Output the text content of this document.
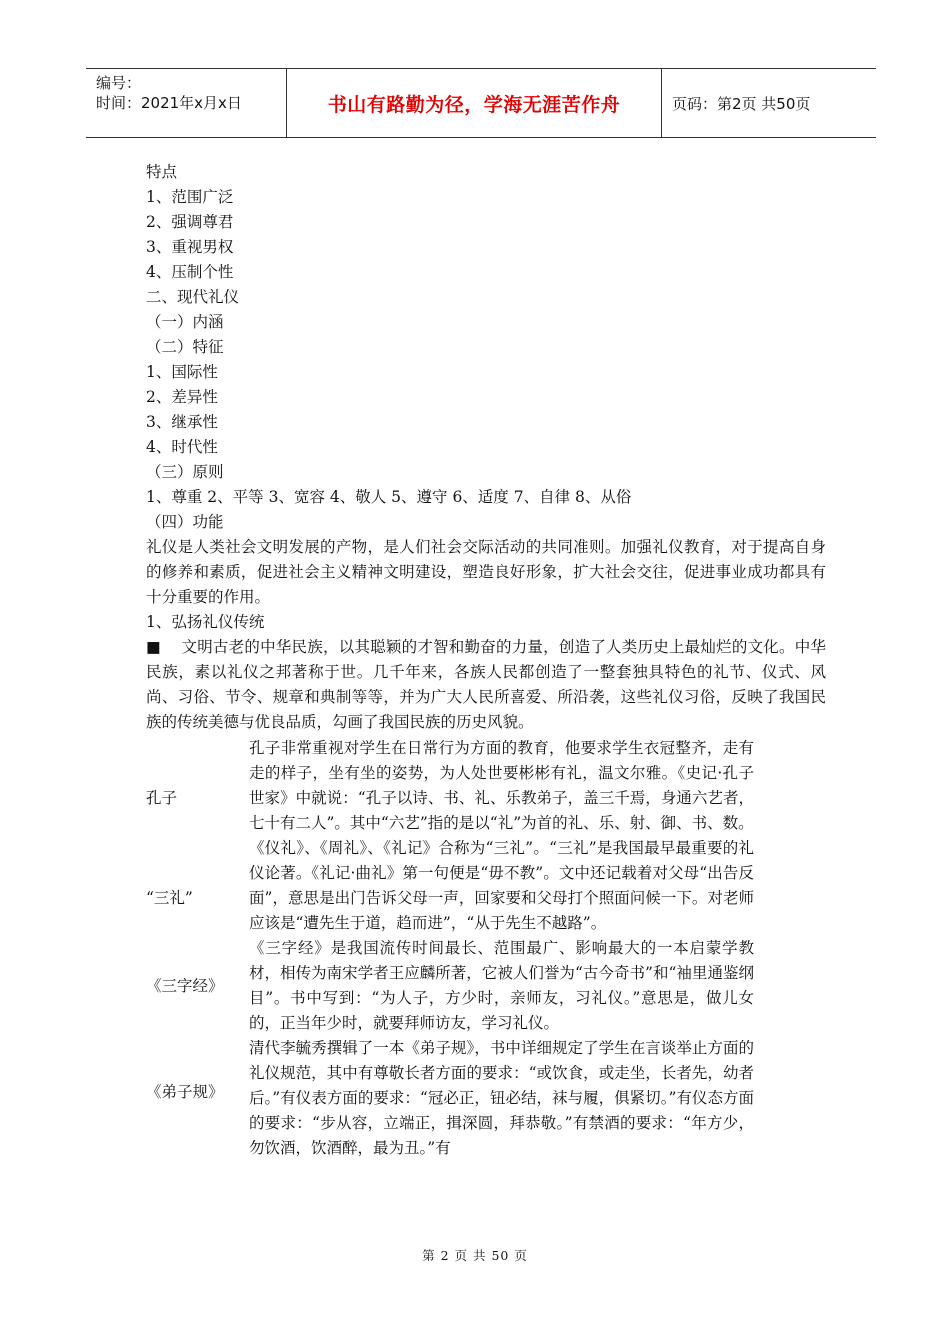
编号：
时间：2021年x月x日	书山有路勤为径，学海无涯苦作舟	页码：第2页 共50页
特点
1、范围广泛
2、强调尊君
3、重视男权
4、压制个性
二、现代礼仪
（一）内涵
（二）特征
1、国际性
2、差异性
3、继承性
4、时代性
（三）原则
1、尊重 2、平等 3、宽容 4、敬人 5、遵守 6、适度 7、自律 8、从俗
（四）功能
礼仪是人类社会文明发展的产物，是人们社会交际活动的共同准则。加强礼仪教育，对于提高自身的修养和素质，促进社会主义精神文明建设，塑造良好形象，扩大社会交往，促进事业成功都具有十分重要的作用。
1、弘扬礼仪传统
■ 文明古老的中华民族，以其聪颖的才智和勤奋的力量，创造了人类历史上最灿烂的文化。中华民族，素以礼仪之邦著称于世。几千年来，各族人民都创造了一整套独具特色的礼节、仪式、风尚、习俗、节令、规章和典制等等，并为广大人民所喜爱、所沿袭，这些礼仪习俗，反映了我国民族的传统美德与优良品质，勾画了我国民族的历史风貌。
孔子
孔子非常重视对学生在日常行为方面的教育，他要求学生衣冠整齐，走有走的样子，坐有坐的姿势，为人处世要彬彬有礼，温文尔雅。《史记·孔子世家》中就说：“孔子以诗、书、礼、乐教弟子，盖三千焉，身通六艺者，七十有二人”。其中“六艺”指的是以“礼”为首的礼、乐、射、御、书、数。
“三礼”
《仪礼》、《周礼》、《礼记》合称为“三礼”。“三礼”是我国最早最重要的礼仪论著。《礼记·曲礼》第一句便是“毋不教”。文中还记载着对父母“出告反面”，意思是出门告诉父母一声，回家要和父母打个照面问候一下。对老师应该是“遭先生于道，趋而进”，“从于先生不越路”。
《三字经》
《三字经》是我国流传时间最长、范围最广、影响最大的一本启蒙学教材，相传为南宋学者王应麟所著，它被人们誉为“古今奇书”和“袖里通鉴纲目”。书中写到：“为人子，方少时，亲师友，习礼仪。”意思是，做儿女的，正当年少时，就要拜师访友，学习礼仪。
《弟子规》
清代李毓秀撰辑了一本《弟子规》，书中详细规定了学生在言谈举止方面的礼仪规范，其中有尊敬长者方面的要求：“或饮食，或走坐，长者先，幼者后。”有仪表方面的要求：“冠必正，钮必结，袜与履，俱紧切。”有仪态方面的要求：“步从容，立端正，揖深圆，拜恭敬。”有禁酒的要求：“年方少，勿饮酒，饮酒醉，最为丑。”有
第 2 页 共 50 页
